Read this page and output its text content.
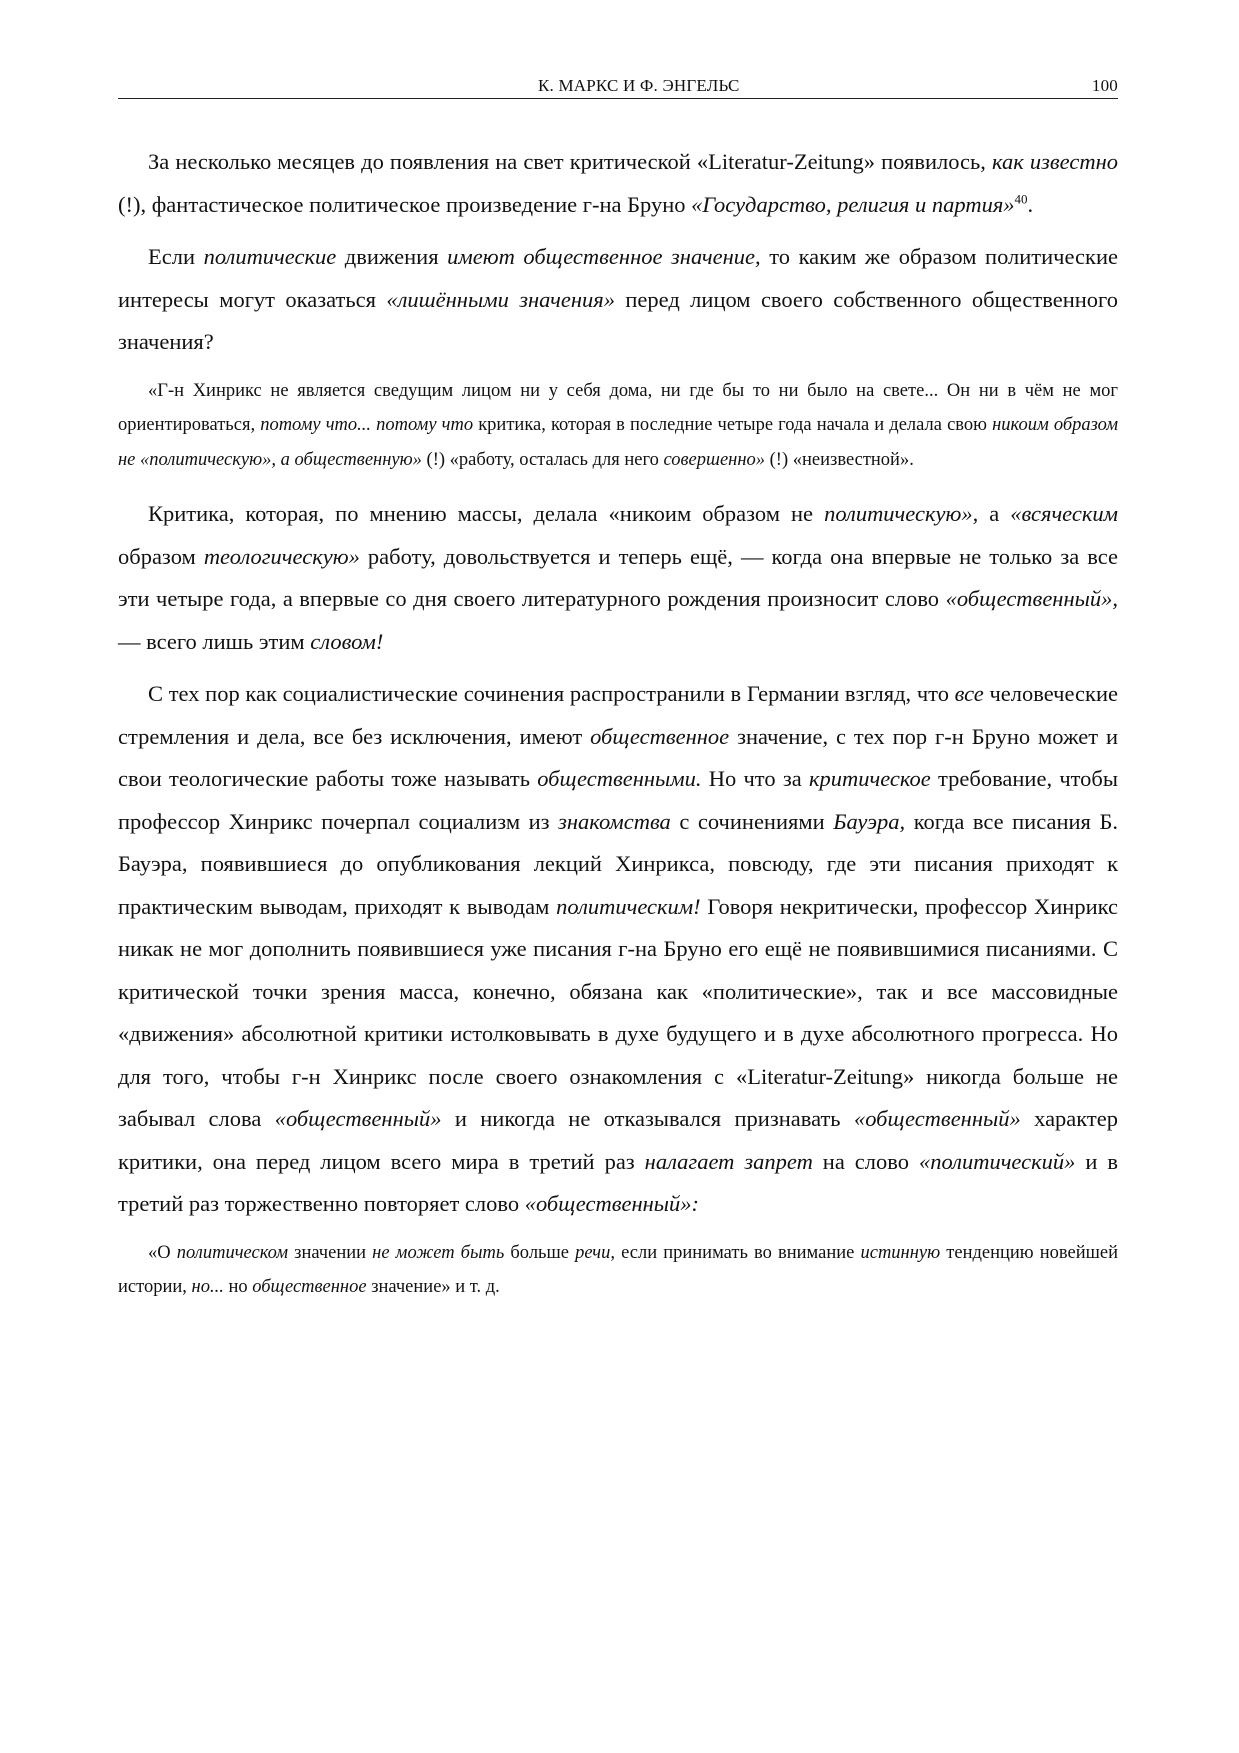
К. МАРКС И Ф. ЭНГЕЛЬС	100

За несколько месяцев до появления на свет критической «Literatur-Zeitung» появилось, как известно (!), фантастическое политическое произведение г-на Бруно «Государство, религия и партия»$^{40}$.

Если политические движения имеют общественное значение, то каким же образом политические интересы могут оказаться «лишёнными значения» перед лицом своего собственного общественного значения?

«Г-н Хинрикс не является сведущим лицом ни у себя дома, ни где бы то ни было на свете... Он ни в чём не мог ориентироваться, потому что... потому что критика, которая в последние четыре года начала и делала свою никоим образом не «политическую», а общественную» (!) «работу, осталась для него совершенно» (!) «неизвестной».

Критика, которая, по мнению массы, делала «никоим образом не политическую», а «всяческим образом теологическую» работу, довольствуется и теперь ещё, — когда она впервые не только за все эти четыре года, а впервые со дня своего литературного рождения произносит слово «общественный», — всего лишь этим словом!

С тех пор как социалистические сочинения распространили в Германии взгляд, что все человеческие стремления и дела, все без исключения, имеют общественное значение, с тех пор г-н Бруно может и свои теологические работы тоже называть общественными. Но что за критическое требование, чтобы профессор Хинрикс почерпал социализм из знакомства с сочинениями Бауэра, когда все писания Б. Бауэра, появившиеся до опубликования лекций Хинрикса, повсюду, где эти писания приходят к практическим выводам, приходят к выводам политическим! Говоря некритически, профессор Хинрикс никак не мог дополнить появившиеся уже писания г-на Бруно его ещё не появившимися писаниями. С критической точки зрения масса, конечно, обязана как «политические», так и все массовидные «движения» абсолютной критики истолковывать в духе будущего и в духе абсолютного прогресса. Но для того, чтобы г-н Хинрикс после своего ознакомления с «Literatur-Zeitung» никогда больше не забывал слова «общественный» и никогда не отказывался признавать «общественный» характер критики, она перед лицом всего мира в третий раз налагает запрет на слово «политический» и в третий раз торжественно повторяет слово «общественный»:

«О политическом значении не может быть больше речи, если принимать во внимание истинную тенденцию новейшей истории, но... но общественное значение» и т. д.
